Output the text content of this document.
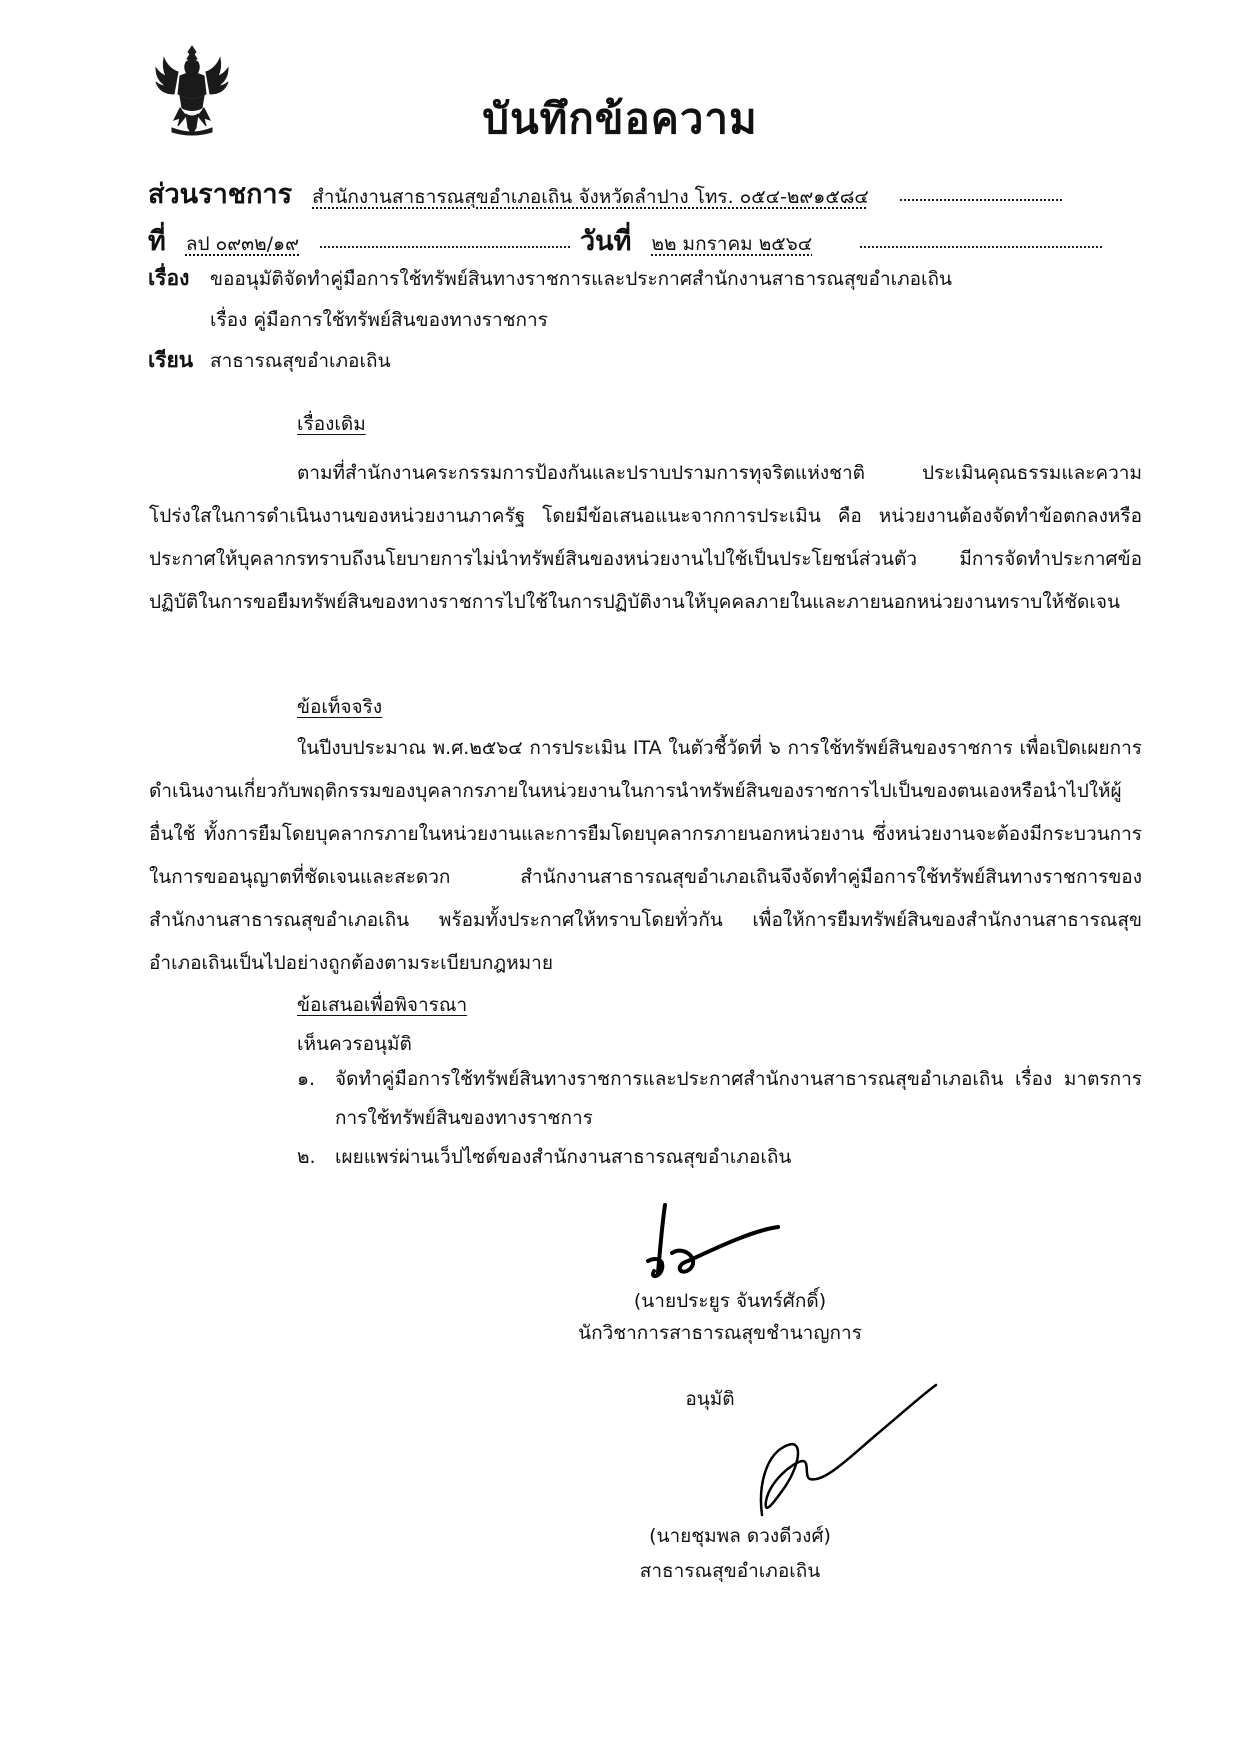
บันทึกข้อความ
ส่วนราชการ สำนักงานสาธารณสุขอำเภอเถิน จังหวัดลำปาง โทร. ๐๕๔-๒๙๑๕๘๔
ที่ ลป ๐๙๓๒/๑๙	วันที่ ๒๒ มกราคม ๒๕๖๔
เรื่อง ขออนุมัติจัดทำคู่มือการใช้ทรัพย์สินทางราชการและประกาศสำนักงานสาธารณสุขอำเภอเถิน
เรื่อง คู่มือการใช้ทรัพย์สินของทางราชการ
เรียน สาธารณสุขอำเภอเถิน
เรื่องเดิม

ตามที่สำนักงานคระกรรมการป้องกันและปราบปรามการทุจริตแห่งชาติ ประเมินคุณธรรมและความโปร่งใสในการดำเนินงานของหน่วยงานภาครัฐ โดยมีข้อเสนอแนะจากการประเมิน คือ หน่วยงานต้องจัดทำข้อตกลงหรือประกาศให้บุคลากรทราบถึงนโยบายการไม่นำทรัพย์สินของหน่วยงานไปใช้เป็นประโยชน์ส่วนตัว มีการจัดทำประกาศข้อปฏิบัติในการขอยืมทรัพย์สินของทางราชการไปใช้ในการปฏิบัติงานให้บุคคลภายในและภายนอกหน่วยงานทราบให้ชัดเจน

ข้อเท็จจริง

ในปีงบประมาณ พ.ศ.๒๕๖๔ การประเมิน ITA ในตัวชี้วัดที่ ๖ การใช้ทรัพย์สินของราชการ เพื่อเปิดเผยการดำเนินงานเกี่ยวกับพฤติกรรมของบุคลากรภายในหน่วยงานในการนำทรัพย์สินของราชการไปเป็นของตนเองหรือนำไปให้ผู้อื่นใช้ ทั้งการยืมโดยบุคลากรภายในหน่วยงานและการยืมโดยบุคลากรภายนอกหน่วยงาน ซึ่งหน่วยงานจะต้องมีกระบวนการในการขออนุญาตที่ชัดเจนและสะดวก สำนักงานสาธารณสุขอำเภอเถินจึงจัดทำคู่มือการใช้ทรัพย์สินทางราชการของสำนักงานสาธารณสุขอำเภอเถิน พร้อมทั้งประกาศให้ทราบโดยทั่วกัน เพื่อให้การยืมทรัพย์สินของสำนักงานสาธารณสุขอำเภอเถินเป็นไปอย่างถูกต้องตามระเบียบกฎหมาย

ข้อเสนอเพื่อพิจารณา
เห็นควรอนุมัติ
๑. จัดทำคู่มือการใช้ทรัพย์สินทางราชการและประกาศสำนักงานสาธารณสุขอำเภอเถิน เรื่อง มาตรการการใช้ทรัพย์สินของทางราชการ
๒. เผยแพร่ผ่านเว็ปไซต์ของสำนักงานสาธารณสุขอำเภอเถิน
(นายประยูร จันทร์ศักดิ์)
นักวิชาการสาธารณสุขชำนาญการ
อนุมัติ
(นายชุมพล ดวงดีวงศ์)
สาธารณสุขอำเภอเถิน
